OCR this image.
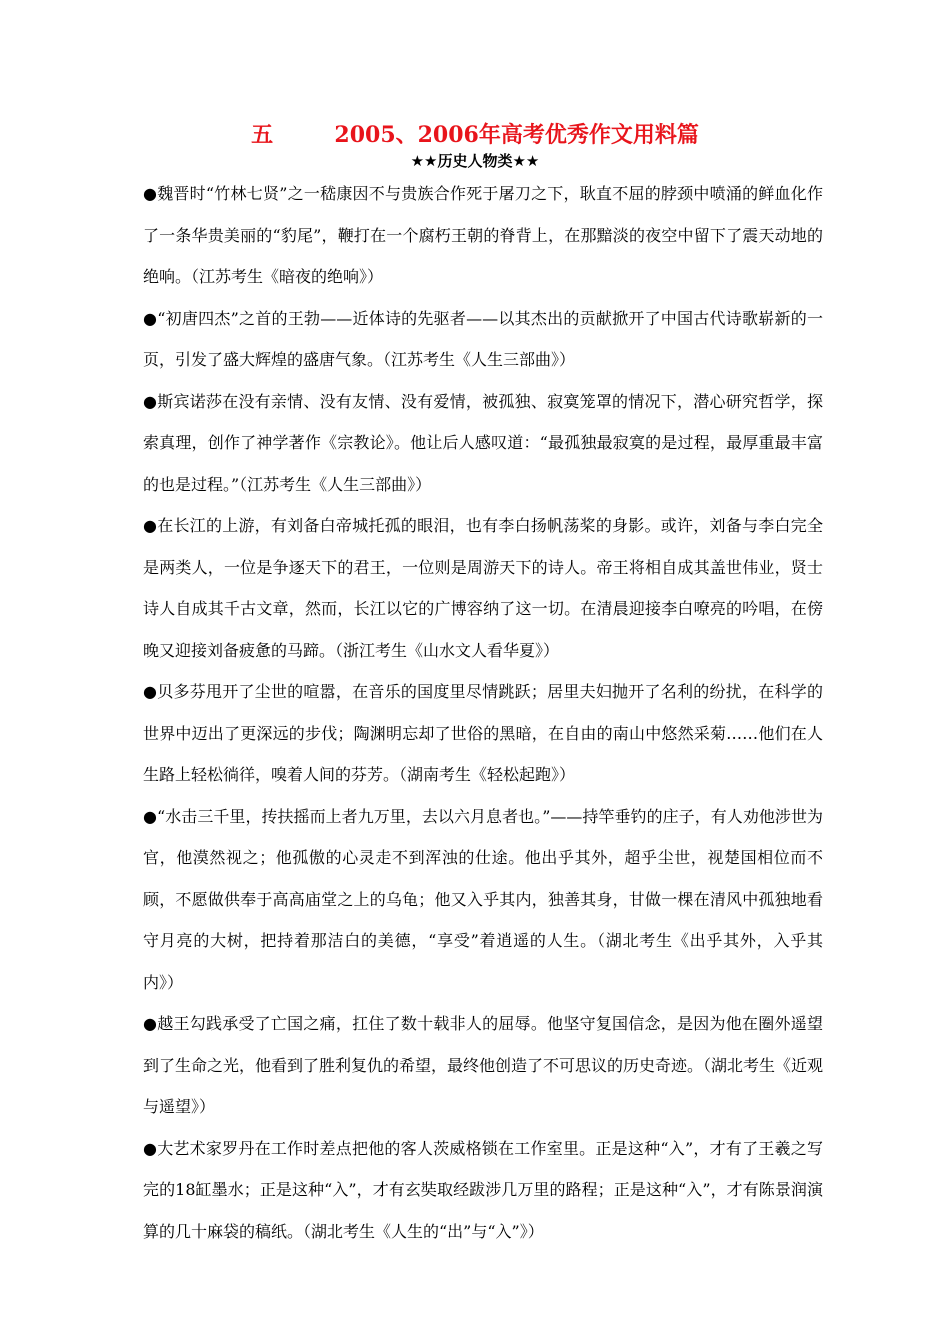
五        2005、2006年高考优秀作文用料篇
★★历史人物类★★

●魏晋时“竹林七贤”之一嵇康因不与贵族合作死于屠刀之下，耿直不屈的脖颈中喷涌的鲜血化作了一条华贵美丽的“豹尾”，鞭打在一个腐朽王朝的脊背上，在那黯淡的夜空中留下了震天动地的绝响。（江苏考生《暗夜的绝响》）

●“初唐四杰”之首的王勃——近体诗的先驱者——以其杰出的贡献掀开了中国古代诗歌崭新的一页，引发了盛大辉煌的盛唐气象。（江苏考生《人生三部曲》）

●斯宾诺莎在没有亲情、没有友情、没有爱情，被孤独、寂寞笼罩的情况下，潜心研究哲学，探索真理，创作了神学著作《宗教论》。他让后人感叹道：“最孤独最寂寞的是过程，最厚重最丰富的也是过程。”（江苏考生《人生三部曲》）

●在长江的上游，有刘备白帝城托孤的眼泪，也有李白扬帆荡桨的身影。或许，刘备与李白完全是两类人，一位是争逐天下的君王，一位则是周游天下的诗人。帝王将相自成其盖世伟业，贤士诗人自成其千古文章，然而，长江以它的广博容纳了这一切。在清晨迎接李白嘹亮的吟唱，在傍晚又迎接刘备疲惫的马蹄。（浙江考生《山水文人看华夏》）

●贝多芬甩开了尘世的喧嚣，在音乐的国度里尽情跳跃；居里夫妇抛开了名利的纷扰，在科学的世界中迈出了更深远的步伐；陶渊明忘却了世俗的黑暗，在自由的南山中悠然采菊……他们在人生路上轻松徜徉，嗅着人间的芬芳。（湖南考生《轻松起跑》）

●“水击三千里，抟扶摇而上者九万里，去以六月息者也。”——持竿垂钓的庄子，有人劝他涉世为官，他漠然视之；他孤傲的心灵走不到浑浊的仕途。他出乎其外，超乎尘世，视楚国相位而不顾，不愿做供奉于高高庙堂之上的乌龟；他又入乎其内，独善其身，甘做一棵在清风中孤独地看守月亮的大树，把持着那洁白的美德，“享受”着逍遥的人生。（湖北考生《出乎其外，入乎其内》）

●越王勾践承受了亡国之痛，扛住了数十载非人的屈辱。他坚守复国信念，是因为他在圈外遥望到了生命之光，他看到了胜利复仇的希望，最终他创造了不可思议的历史奇迹。（湖北考生《近观与遥望》）

●大艺术家罗丹在工作时差点把他的客人茨威格锁在工作室里。正是这种“入”，才有了王羲之写完的18缸墨水；正是这种“入”，才有玄奘取经跋涉几万里的路程；正是这种“入”，才有陈景润演算的几十麻袋的稿纸。（湖北考生《人生的“出”与“入”》）
